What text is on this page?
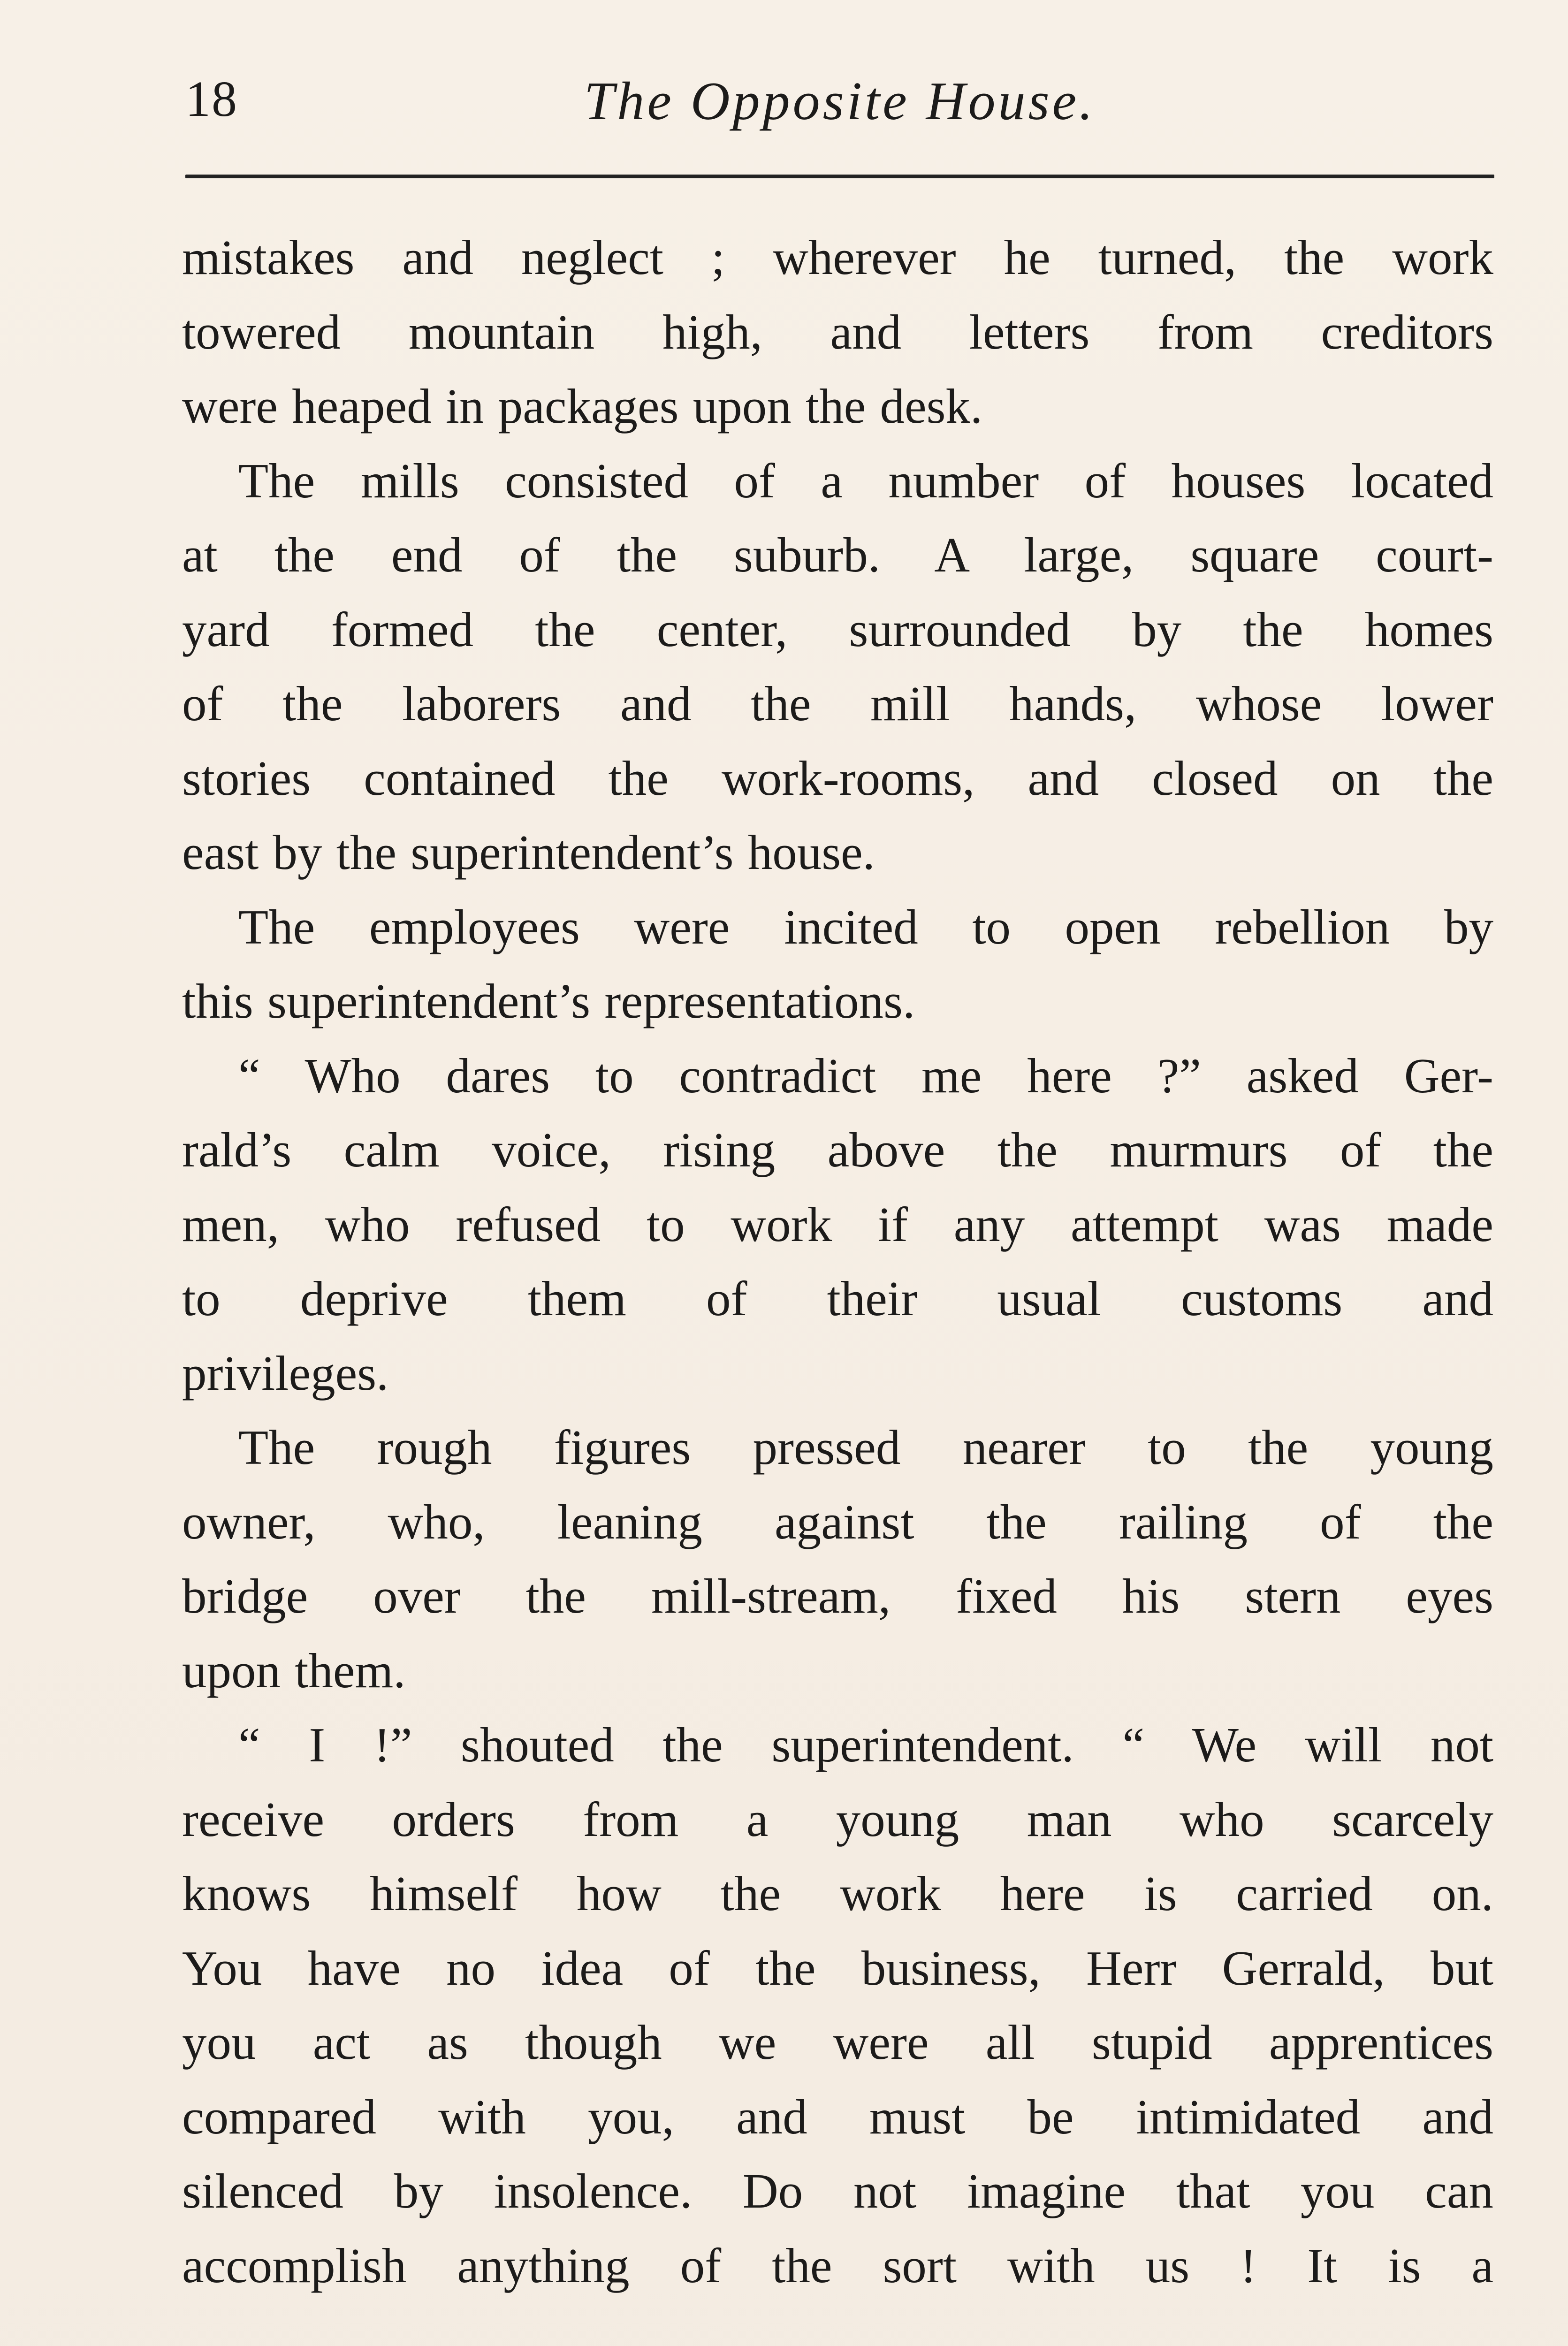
18	The Opposite House.
mistakes and neglect ; wherever he turned, the work
towered mountain high, and letters from creditors
were heaped in packages upon the desk.
The mills consisted of a number of houses located
at the end of the suburb. A large, square court-
yard formed the center, surrounded by the homes
of the laborers and the mill hands, whose lower
stories contained the work-rooms, and closed on the
east by the superintendent’s house.
The employees were incited to open rebellion by
this superintendent’s representations.
“ Who dares to contradict me here ?” asked Ger-
rald’s calm voice, rising above the murmurs of the
men, who refused to work if any attempt was made
to deprive them of their usual customs and
privileges.
The rough figures pressed nearer to the young
owner, who, leaning against the railing of the
bridge over the mill-stream, fixed his stern eyes
upon them.
“ I !” shouted the superintendent. “ We will not
receive orders from a young man who scarcely
knows himself how the work here is carried on.
You have no idea of the business, Herr Gerrald, but
you act as though we were all stupid apprentices
compared with you, and must be intimidated and
silenced by insolence. Do not imagine that you can
accomplish anything of the sort with us ! It is a
